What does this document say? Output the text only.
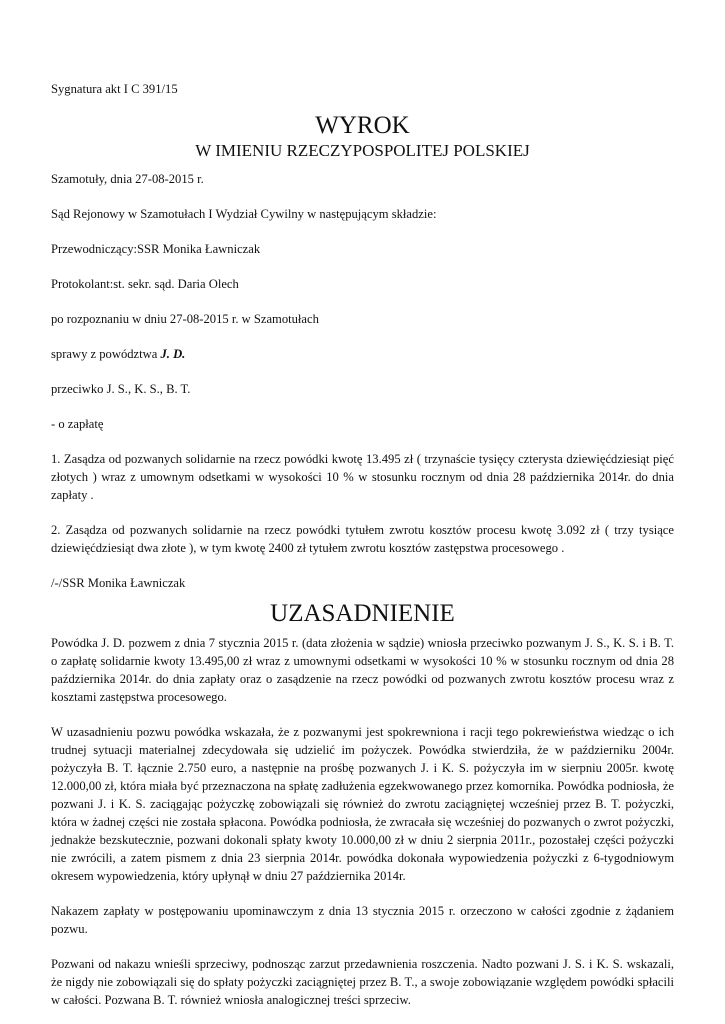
Sygnatura akt I C 391/15

WYROK
W IMIENIU RZECZYPOSPOLITEJ POLSKIEJ

Szamotuły, dnia 27-08-2015 r.

Sąd Rejonowy w Szamotułach I Wydział Cywilny w następującym składzie:

Przewodniczący:SSR Monika Ławniczak

Protokolant:st. sekr. sąd. Daria Olech

po rozpoznaniu w dniu 27-08-2015 r. w Szamotułach

sprawy z powództwa J. D.

przeciwko J. S., K. S., B. T.

- o zapłatę

1. Zasądza od pozwanych solidarnie na rzecz powódki kwotę 13.495 zł ( trzynaście tysięcy czterysta dziewięćdziesiąt pięć złotych ) wraz z umownym odsetkami w wysokości 10 % w stosunku rocznym od dnia 28 października 2014r. do dnia zapłaty .

2. Zasądza od pozwanych solidarnie na rzecz powódki tytułem zwrotu kosztów procesu kwotę 3.092 zł ( trzy tysiące dziewięćdziesiąt dwa złote ), w tym kwotę 2400 zł tytułem zwrotu kosztów zastępstwa procesowego .

/-/SSR Monika Ławniczak

UZASADNIENIE

Powódka J. D. pozwem z dnia 7 stycznia 2015 r. (data złożenia w sądzie) wniosła przeciwko pozwanym J. S., K. S. i B. T. o zapłatę solidarnie kwoty 13.495,00 zł wraz z umownymi odsetkami w wysokości 10 % w stosunku rocznym od dnia 28 października 2014r. do dnia zapłaty oraz o zasądzenie na rzecz powódki od pozwanych zwrotu kosztów procesu wraz z kosztami zastępstwa procesowego.

W uzasadnieniu pozwu powódka wskazała, że z pozwanymi jest spokrewniona i racji tego pokrewieństwa wiedząc o ich trudnej sytuacji materialnej zdecydowała się udzielić im pożyczek. Powódka stwierdziła, że w październiku 2004r. pożyczyła B. T. łącznie 2.750 euro, a następnie na prośbę pozwanych J. i K. S. pożyczyła im w sierpniu 2005r. kwotę 12.000,00 zł, która miała być przeznaczona na spłatę zadłużenia egzekwowanego przez komornika. Powódka podniosła, że pozwani J. i K. S. zaciągając pożyczkę zobowiązali się również do zwrotu zaciągniętej wcześniej przez B. T. pożyczki, która w żadnej części nie została spłacona. Powódka podniosła, że zwracała się wcześniej do pozwanych o zwrot pożyczki, jednakże bezskutecznie, pozwani dokonali spłaty kwoty 10.000,00 zł w dniu 2 sierpnia 2011r., pozostałej części pożyczki nie zwrócili, a zatem pismem z dnia 23 sierpnia 2014r. powódka dokonała wypowiedzenia pożyczki z 6-tygodniowym okresem wypowiedzenia, który upłynął w dniu 27 października 2014r.

Nakazem zapłaty w postępowaniu upominawczym z dnia 13 stycznia 2015 r. orzeczono w całości zgodnie z żądaniem pozwu.

Pozwani od nakazu wnieśli sprzeciwy, podnosząc zarzut przedawnienia roszczenia. Nadto pozwani J. S. i K. S. wskazali, że nigdy nie zobowiązali się do spłaty pożyczki zaciągniętej przez B. T., a swoje zobowiązanie względem powódki spłacili w całości. Pozwana B. T. również wniosła analogicznej treści sprzeciw.
